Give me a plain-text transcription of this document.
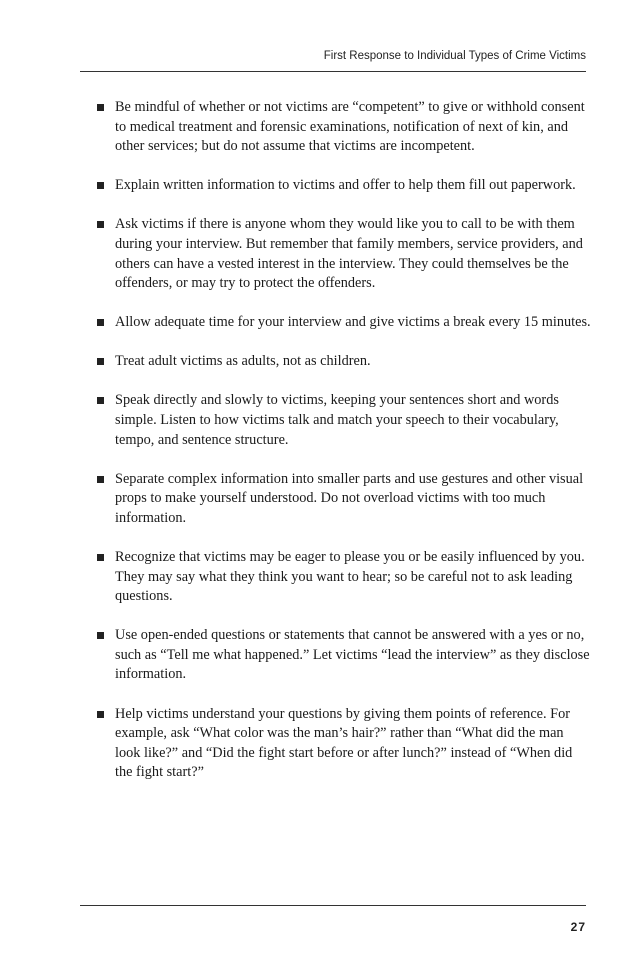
First Response to Individual Types of Crime Victims
Be mindful of whether or not victims are “competent” to give or withhold consent to medical treatment and forensic examinations, notification of next of kin, and other services; but do not assume that victims are incompetent.
Explain written information to victims and offer to help them fill out paperwork.
Ask victims if there is anyone whom they would like you to call to be with them during your interview. But remember that family members, service providers, and others can have a vested interest in the interview. They could themselves be the offenders, or may try to protect the offenders.
Allow adequate time for your interview and give victims a break every 15 minutes.
Treat adult victims as adults, not as children.
Speak directly and slowly to victims, keeping your sentences short and words simple. Listen to how victims talk and match your speech to their vocabulary, tempo, and sentence structure.
Separate complex information into smaller parts and use gestures and other visual props to make yourself understood. Do not overload victims with too much information.
Recognize that victims may be eager to please you or be easily influenced by you. They may say what they think you want to hear; so be careful not to ask leading questions.
Use open-ended questions or statements that cannot be answered with a yes or no, such as “Tell me what happened.” Let victims “lead the interview” as they disclose information.
Help victims understand your questions by giving them points of reference. For example, ask “What color was the man’s hair?” rather than “What did the man look like?” and “Did the fight start before or after lunch?” instead of “When did the fight start?”
27
